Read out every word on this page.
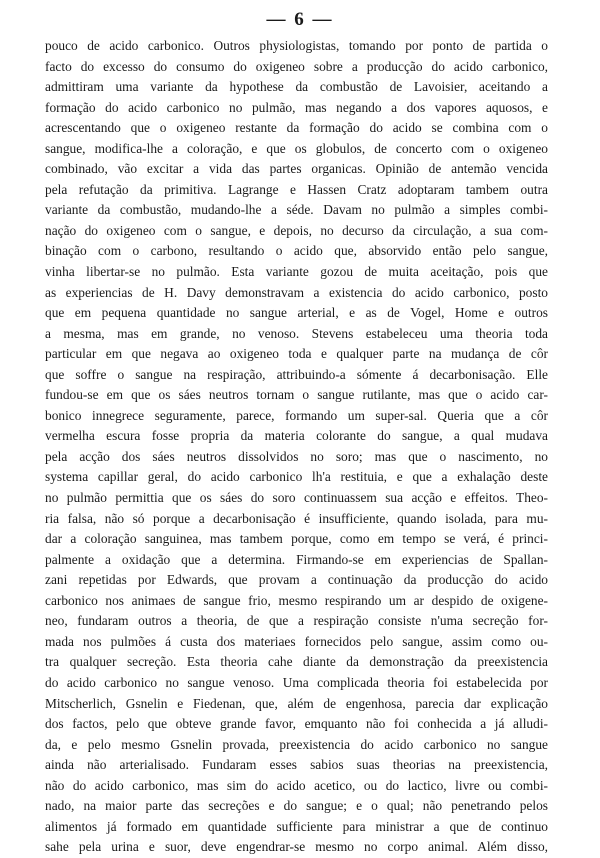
— 6 —
pouco de acido carbonico. Outros physiologistas, tomando por ponto de partida o
facto do excesso do consumo do oxigeneo sobre a producção do acido carbonico,
admittiram uma variante da hypothese da combustão de Lavoisier, aceitando a
formação do acido carbonico no pulmão, mas negando a dos vapores aquosos, e
acrescentando que o oxigeneo restante da formação do acido se combina com o
sangue, modifica-lhe a coloração, e que os globulos, de concerto com o oxigeneo
combinado, vão excitar a vida das partes organicas. Opinião de antemão vencida
pela refutação da primitiva. Lagrange e Hassen Cratz adoptaram tambem outra
variante da combustão, mudando-lhe a séde. Davam no pulmão a simples combi-
nação do oxigeneo com o sangue, e depois, no decurso da circulação, a sua com-
binação com o carbono, resultando o acido que, absorvido então pelo sangue,
vinha libertar-se no pulmão. Esta variante gozou de muita aceitação, pois que
as experiencias de H. Davy demonstravam a existencia do acido carbonico, posto
que em pequena quantidade no sangue arterial, e as de Vogel, Home e outros
a mesma, mas em grande, no venoso. Stevens estabeleceu uma theoria toda
particular em que negava ao oxigeneo toda e qualquer parte na mudança de côr
que soffre o sangue na respiração, attribuindo-a sómente á decarbonisação. Elle
fundou-se em que os sáes neutros tornam o sangue rutilante, mas que o acido car-
bonico innegrece seguramente, parece, formando um super-sal. Queria que a côr
vermelha escura fosse propria da materia colorante do sangue, a qual mudava
pela acção dos sáes neutros dissolvidos no soro; mas que o nascimento, no
systema capillar geral, do acido carbonico lh'a restituia, e que a exhalação deste
no pulmão permittia que os sáes do soro continuassem sua acção e effeitos. Theo-
ria falsa, não só porque a decarbonisação é insufficiente, quando isolada, para mu-
dar a coloração sanguinea, mas tambem porque, como em tempo se verá, é princi-
palmente a oxidação que a determina. Firmando-se em experiencias de Spallan-
zani repetidas por Edwards, que provam a continuação da producção do acido
carbonico nos animaes de sangue frio, mesmo respirando um ar despido de oxigene-
neo, fundaram outros a theoria, de que a respiração consiste n'uma secreção for-
mada nos pulmões á custa dos materiaes fornecidos pelo sangue, assim como ou-
tra qualquer secreção. Esta theoria cahe diante da demonstração da preexistencia
do acido carbonico no sangue venoso. Uma complicada theoria foi estabelecida por
Mitscherlich, Gsnelin e Fiedenan, que, além de engenhosa, parecia dar explicação
dos factos, pelo que obteve grande favor, emquanto não foi conhecida a já alludi-
da, e pelo mesmo Gsnelin provada, preexistencia do acido carbonico no sangue
ainda não arterialisado. Fundaram esses sabios suas theorias na preexistencia,
não do acido carbonico, mas sim do acido acetico, ou do lactico, livre ou combi-
nado, na maior parte das secreções e do sangue; e o qual; não penetrando pelos
alimentos já formado em quantidade sufficiente para ministrar a que de continuo
sahe pela urina e suor, deve engendrar-se mesmo no corpo animal. Além disso,
